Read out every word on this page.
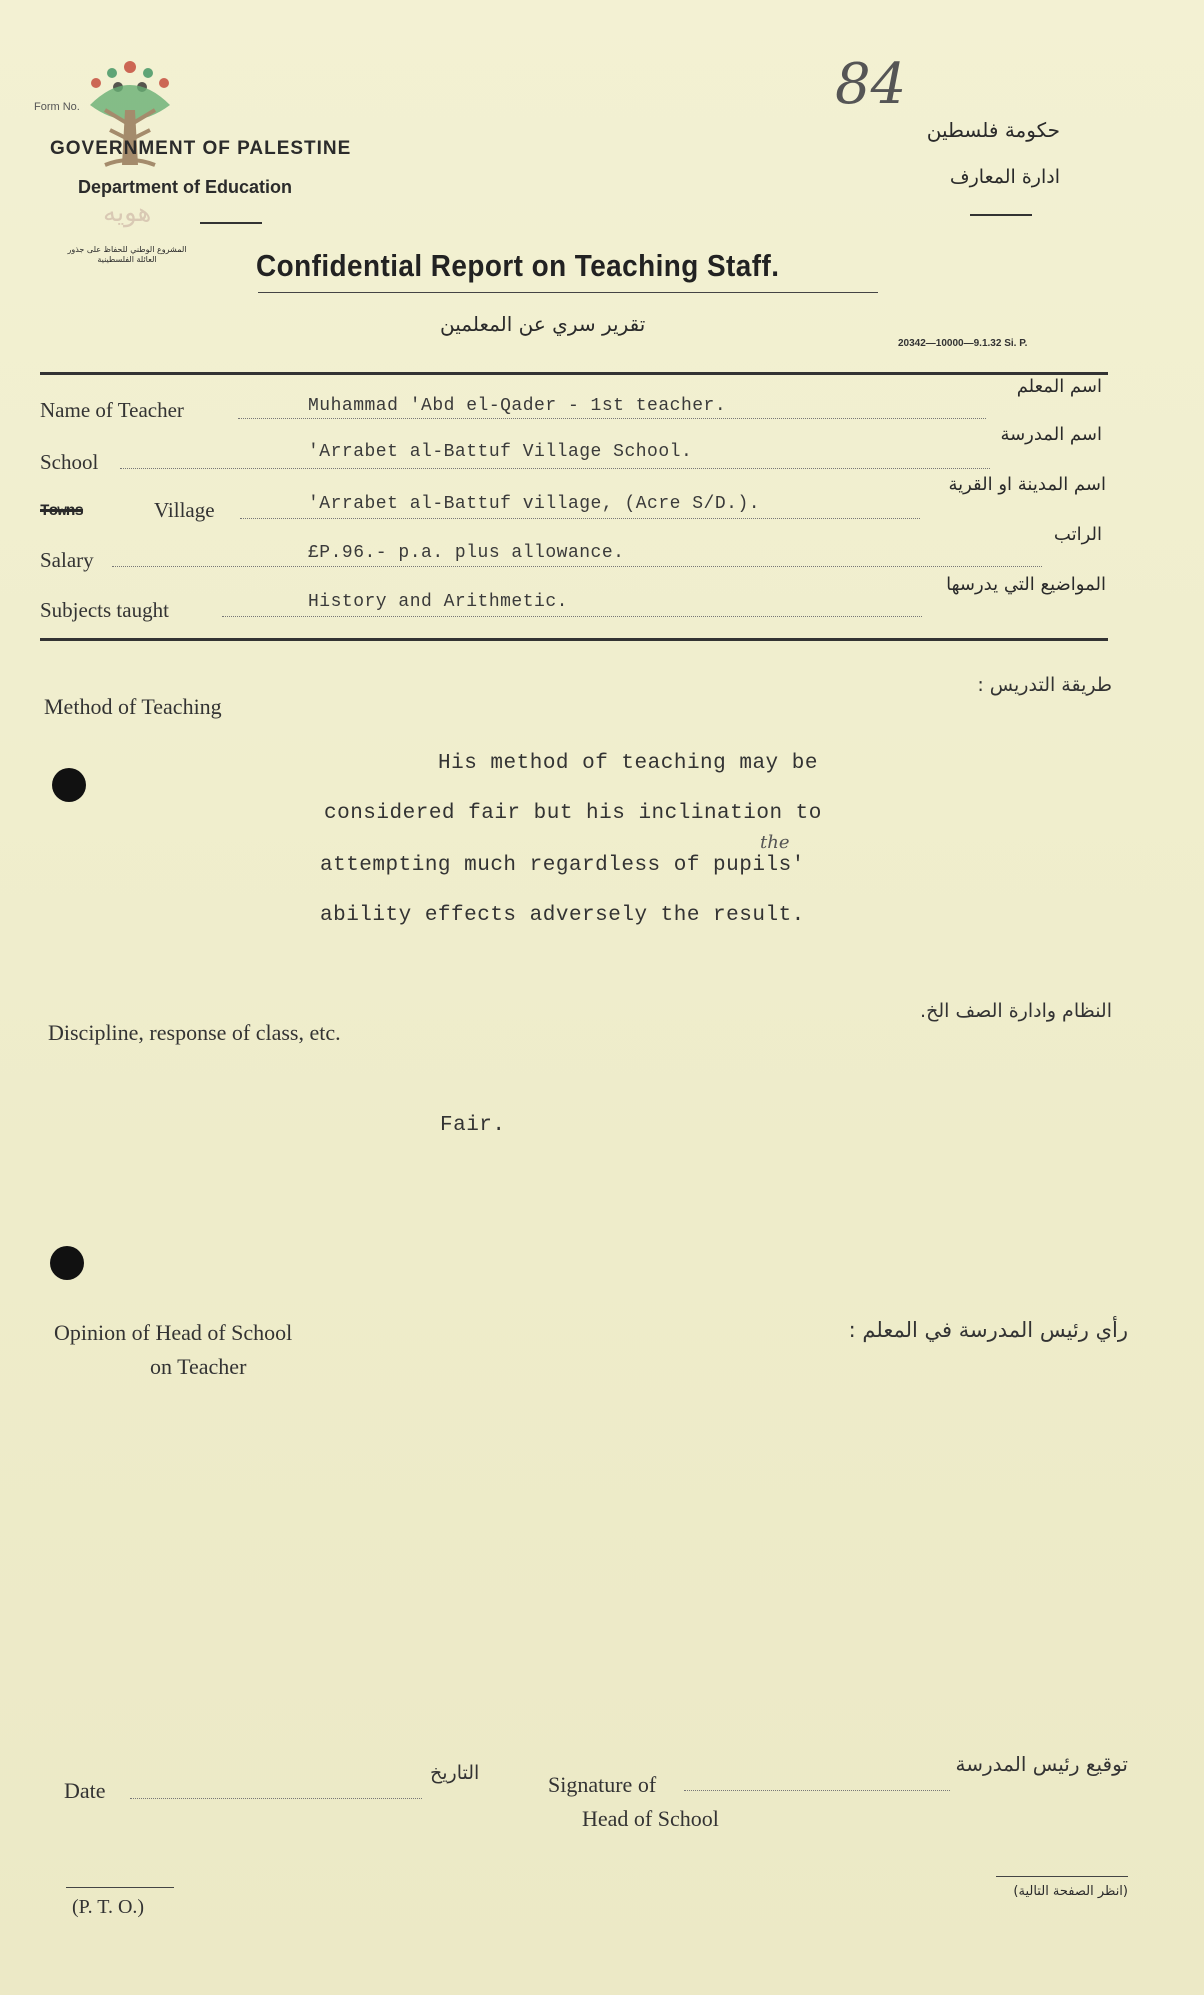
Form No.
هويه
المشروع الوطني للحفاظ على جذور العائلة الفلسطينية
GOVERNMENT OF PALESTINE
Department of Education
84
حكومة فلسطين
ادارة المعارف
Confidential Report on Teaching Staff.
تقرير سري عن المعلمين
20342—10000—9.1.32 Si. P.
Name of Teacher	Muhammad 'Abd el-Qader - 1st teacher.
اسم المعلم
School	'Arrabet al-Battuf Village School.
اسم المدرسة
Towns	Village	'Arrabet al-Battuf village, (Acre S/D.).
اسم المدينة او القرية
Salary	£P.96.- p.a. plus allowance.
الراتب
Subjects taught	History and Arithmetic.
المواضيع التي يدرسها
Method of Teaching
طريقة التدريس :
His method of teaching may be
considered fair but his inclination to
the
attempting much regardless of pupils'
ability effects adversely the result.
Discipline, response of class, etc.
النظام وادارة الصف الخ.
Fair.
Opinion of Head of School
on Teacher
رأي رئيس المدرسة في المعلم :
Date
التاريخ	Signature of
Head of School
توقيع رئيس المدرسة
(P. T. O.)
(انظر الصفحة التالية)
